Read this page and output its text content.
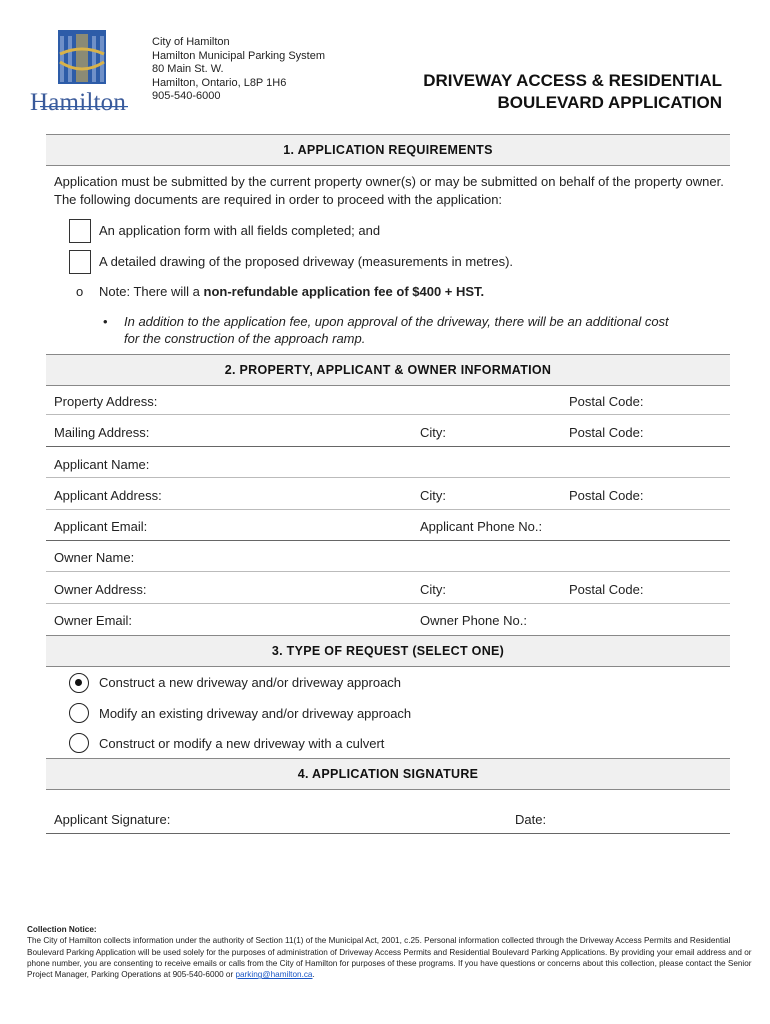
Hamilton
City of Hamilton
Hamilton Municipal Parking System
80 Main St. W.
Hamilton, Ontario, L8P 1H6
905-540-6000
DRIVEWAY ACCESS & RESIDENTIAL
BOULEVARD APPLICATION
1. APPLICATION REQUIREMENTS
Application must be submitted by the current property owner(s) or may be submitted on behalf of the property owner. The following documents are required in order to proceed with the application:
An application form with all fields completed; and
A detailed drawing of the proposed driveway (measurements in metres).
o Note: There will a non-refundable application fee of $400 + HST.
• In addition to the application fee, upon approval of the driveway, there will be an additional cost
for the construction of the approach ramp.
2. PROPERTY, APPLICANT & OWNER INFORMATION
Property Address:	Postal Code:
Mailing Address:	City:	Postal Code:
Applicant Name:
Applicant Address:	City:	Postal Code:
Applicant Email:	Applicant Phone No.:
Owner Name:
Owner Address:	City:	Postal Code:
Owner Email:	Owner Phone No.:
3. TYPE OF REQUEST (SELECT ONE)
Construct a new driveway and/or driveway approach
Modify an existing driveway and/or driveway approach
Construct or modify a new driveway with a culvert
4. APPLICATION SIGNATURE
Applicant Signature:	Date:
Collection Notice:
The City of Hamilton collects information under the authority of Section 11(1) of the Municipal Act, 2001, c.25. Personal information collected through the Driveway Access Permits and Residential Boulevard Parking Application will be used solely for the purposes of administration of Driveway Access Permits and Residential Boulevard Parking Applications. By providing your email address and or phone number, you are consenting to receive emails or calls from the City of Hamilton for purposes of these programs. If you have questions or concerns about this collection, please contact the Senior Project Manager, Parking Operations at 905-540-6000 or parking@hamilton.ca.
